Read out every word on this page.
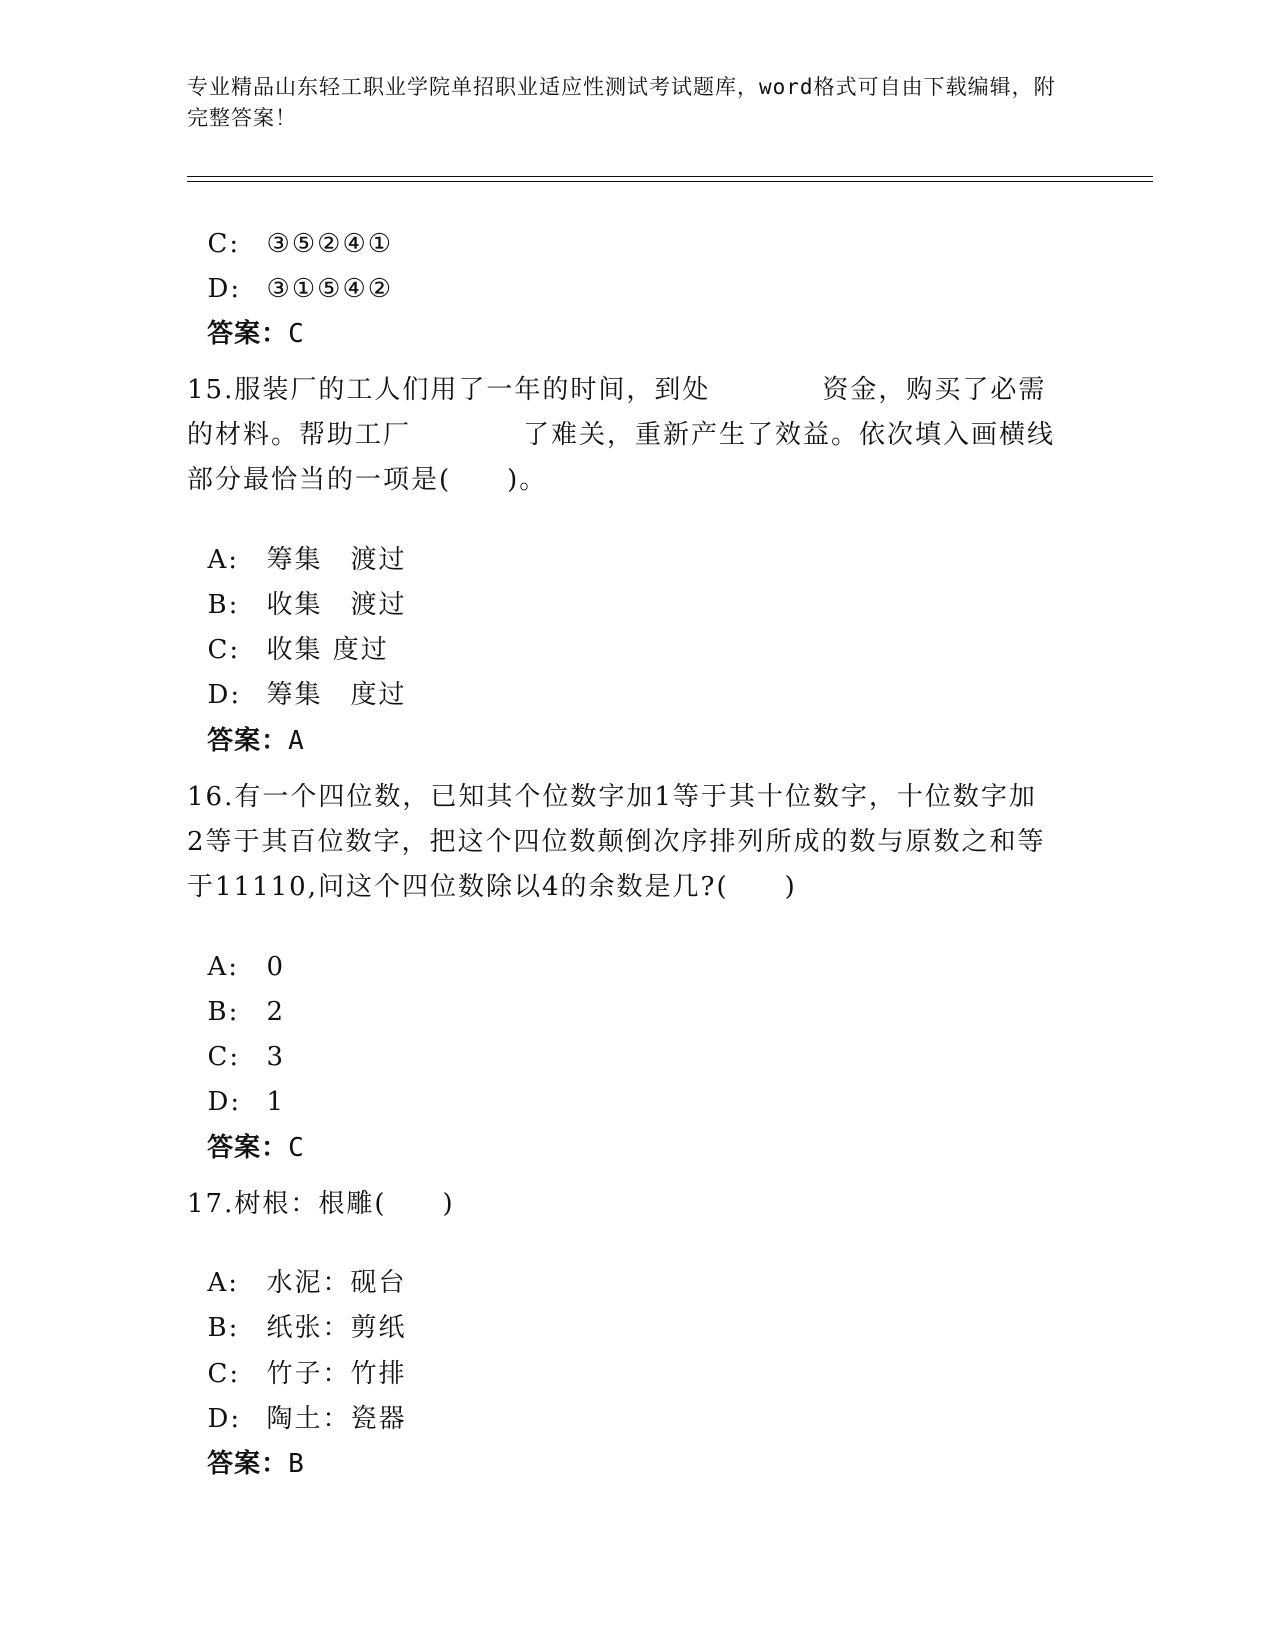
专业精品山东轻工职业学院单招职业适应性测试考试题库，word格式可自由下载编辑，附完整答案！

C: ③⑤②④①

D: ③①⑤④②

答案：C

15.服装厂的工人们用了一年的时间，到处　　　　资金，购买了必需
的材料。帮助工厂　　　　了难关，重新产生了效益。依次填入画横线
部分最恰当的一项是(　　)。

A: 筹集　渡过

B: 收集　渡过

C: 收集 度过

D: 筹集　度过

答案：A

16.有一个四位数，已知其个位数字加1等于其十位数字，十位数字加
2等于其百位数字，把这个四位数颠倒次序排列所成的数与原数之和等
于11110,问这个四位数除以4的余数是几?(　　)

A: 0

B: 2

C: 3

D: 1

答案：C

17.树根：根雕(　　)

A: 水泥：砚台

B: 纸张：剪纸

C: 竹子：竹排

D: 陶土：瓷器

答案：B
